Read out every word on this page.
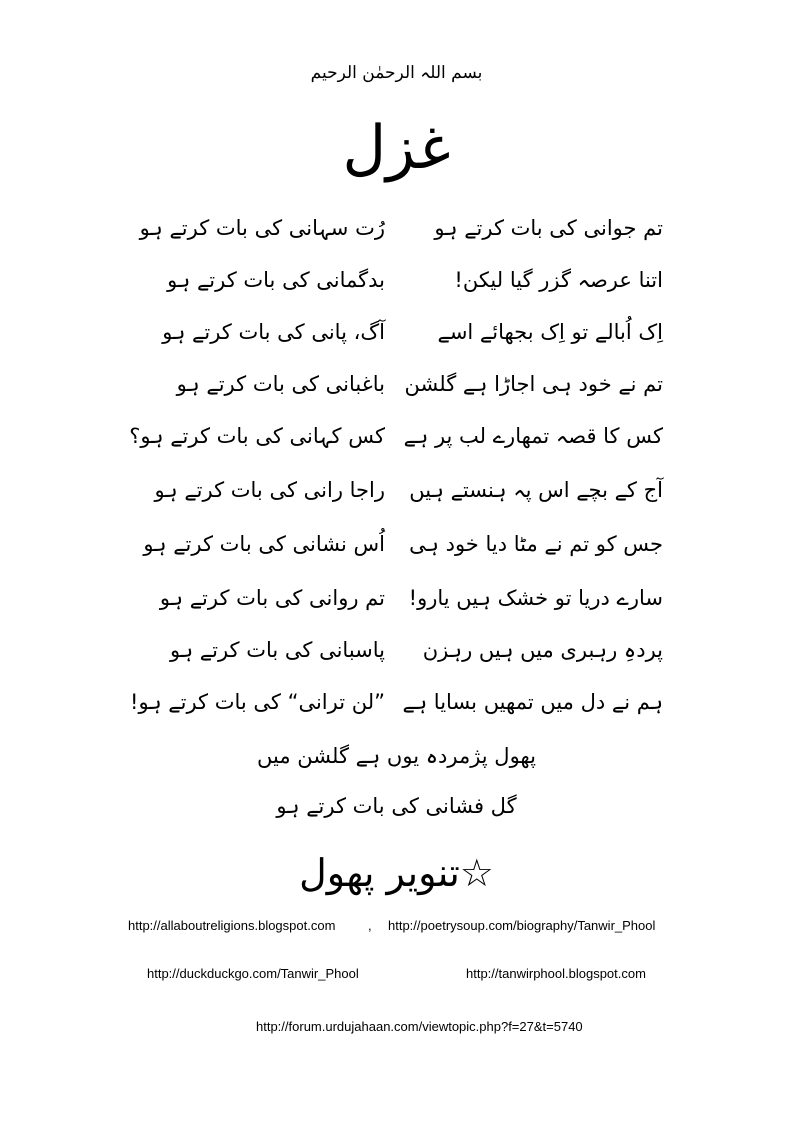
بسم اللہ الرحمٰن الرحیم
غزل
تم جوانی کی بات کرتے ہو
رُت سہانی کی بات کرتے ہو
اتنا عرصہ گزر گیا لیکن!
بدگمانی کی بات کرتے ہو
اِک اُبالے تو اِک بجھائے اسے
آگ، پانی کی بات کرتے ہو
تم نے خود ہی اجاڑا ہے گلشن
باغبانی کی بات کرتے ہو
کس کا قصہ تمھارے لب پر ہے
کس کہانی کی بات کرتے ہو؟
آج کے بچے اس پہ ہنستے ہیں
راجا رانی کی بات کرتے ہو
جس کو تم نے مٹا دیا خود ہی
اُس نشانی کی بات کرتے ہو
سارے دریا تو خشک ہیں یارو!
تم روانی کی بات کرتے ہو
پردہِ رہبری میں ہیں رہزن
پاسبانی کی بات کرتے ہو
ہم نے دل میں تمھیں بسایا ہے
”لن ترانی“ کی بات کرتے ہو!
پھول پژمردہ یوں ہے گلشن میں
گل فشانی کی بات کرتے ہو
☆تنویر پھول
http://allaboutreligions.blogspot.com	, http://poetrysoup.com/biography/Tanwir_Phool
http://duckduckgo.com/Tanwir_Phool	http://tanwirphool.blogspot.com
http://forum.urdujahaan.com/viewtopic.php?f=27&t=5740
